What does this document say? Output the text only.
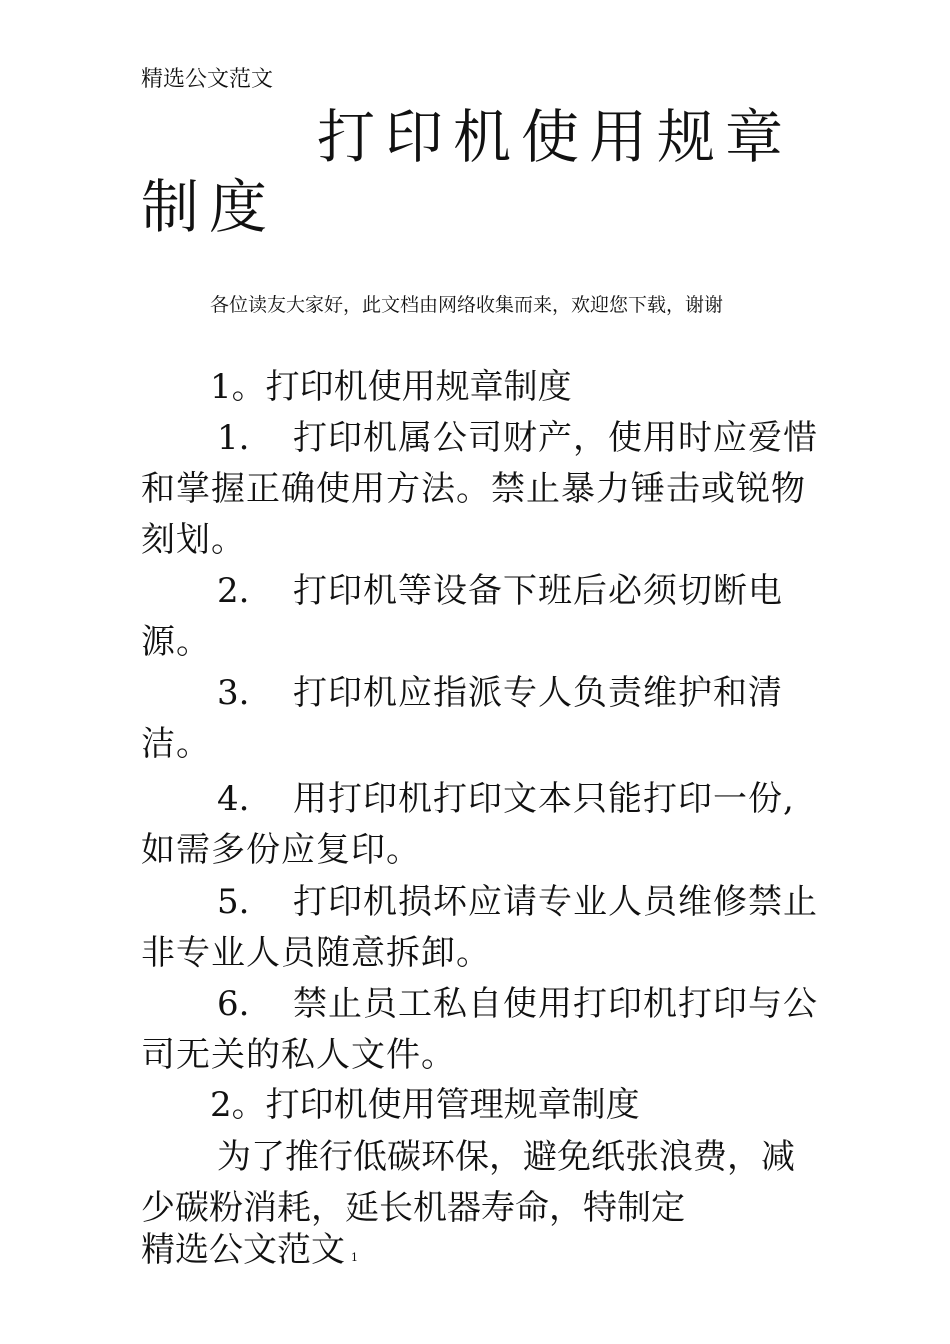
精选公文范文
打印机使用规章制度
各位读友大家好，此文档由网络收集而来，欢迎您下载，谢谢
1。打印机使用规章制度
1. 打印机属公司财产，使用时应爱惜和掌握正确使用方法。禁止暴力锤击或锐物刻划。
2. 打印机等设备下班后必须切断电源。
3. 打印机应指派专人负责维护和清洁。
4. 用打印机打印文本只能打印一份,如需多份应复印。
5. 打印机损坏应请专业人员维修禁止非专业人员随意拆卸。
6. 禁止员工私自使用打印机打印与公司无关的私人文件。
2。打印机使用管理规章制度
为了推行低碳环保，避免纸张浪费，减少碳粉消耗，延长机器寿命，特制定
精选公文范文 1
